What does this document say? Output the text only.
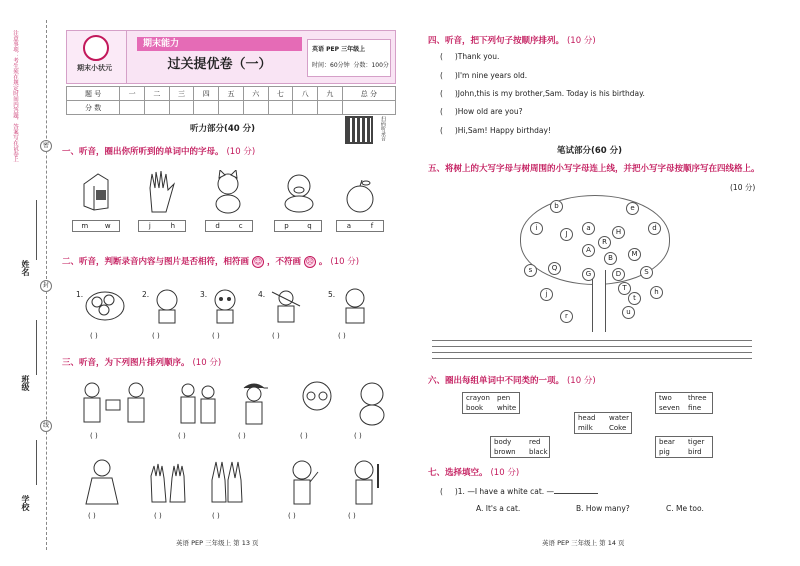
注意事项：考生须在规定时间内答题，答案写在试卷上	密
封
线
姓名
班级
学校
期末小状元
期末能力
过关提优卷（一）
英语 PEP 三年级上
时间：60分钟 分数：100分
题 号	一	二	三	四	五	六	七	八	九	总 分
分 数										
扫码听录音
听力部分(40 分)
一、听音，圈出你所听到的单词中的字母。 (10 分)
m w	j	h	d	c	p	q	a	f
二、听音，判断录音内容与图片是否相符，相符画 ☺ ，不符画 ☹ 。 (10 分)
1.	2.	3.	4.	5.
( )	( )	( )	( )	( )
三、听音，为下列图片排列顺序。 (10 分)
( )	( )	( )	( )	( )
( )	( )	( )	( )	( )
英语 PEP 三年级上 第 13 页
四、听音，把下列句子按顺序排列。 (10 分)
(     )Thank you.
(     )I'm nine years old.
(     )John,this is my brother,Sam. Today is his birthday.
(     )How old are you?
(     )Hi,Sam! Happy birthday!
笔试部分(60 分)
五、将树上的大写字母与树周围的小写字母连上线，并把小写字母按顺序写在四线格上。
(10 分)
b	e
i	a	d
J	H
R
A
B	M
s	Q
G	D	S
j	h
T
r	u
t
六、圈出每组单词中不同类的一项。 (10 分)
crayon pen
book white
head water
milk Coke
two three
seven fine
body	red
brown black
bear tiger
pig	bird
七、选择填空。 (10 分)
(     )1. —I have a white cat. —
A. It's a cat.	B. How many?	C. Me too.
英语 PEP 三年级上 第 14 页
